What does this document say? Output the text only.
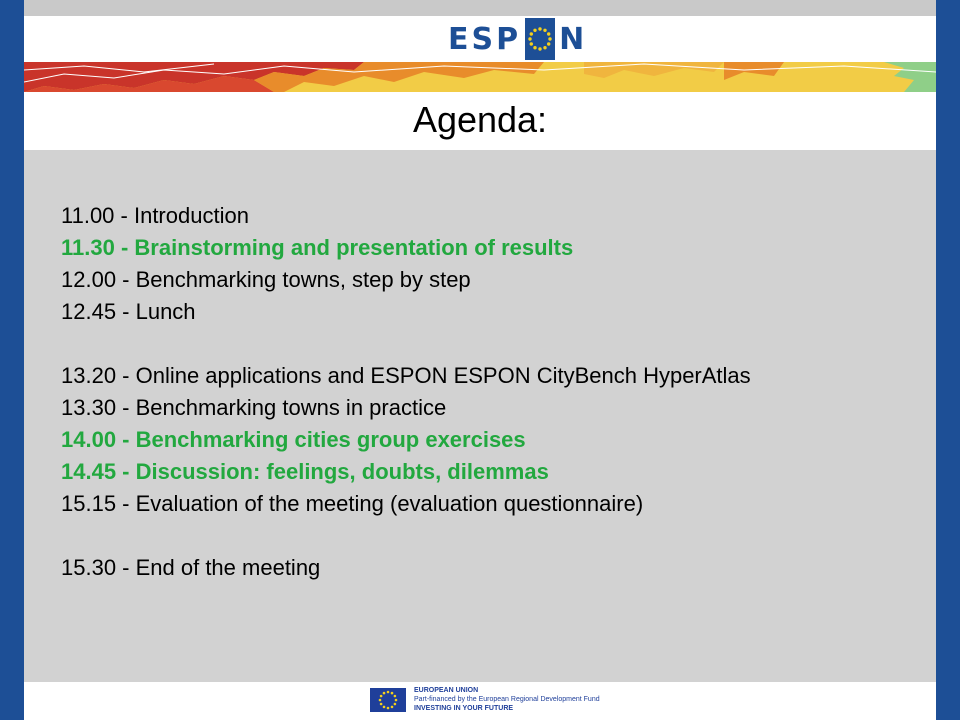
ESP N
Agenda:
11.00 - Introduction
11.30 - Brainstorming and presentation of results
12.00 - Benchmarking towns, step by step
12.45 - Lunch
13.20 - Online applications and ESPON ESPON CityBench HyperAtlas
13.30 - Benchmarking towns in practice
14.00 - Benchmarking cities group exercises
14.45 - Discussion: feelings, doubts, dilemmas
15.15 - Evaluation of the meeting (evaluation questionnaire)
15.30 - End of the meeting
EUROPEAN UNION
Part-financed by the European Regional Development Fund
INVESTING IN YOUR FUTURE
